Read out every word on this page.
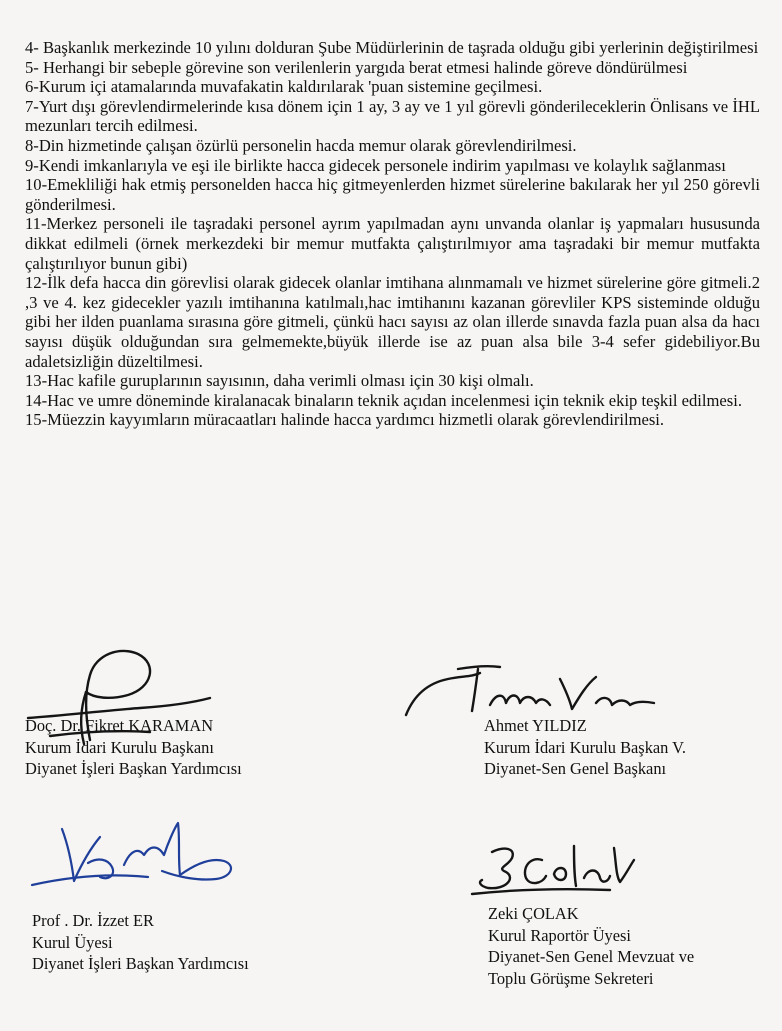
4- Başkanlık merkezinde 10 yılını dolduran Şube Müdürlerinin de taşrada olduğu gibi yerlerinin değiştirilmesi

5- Herhangi bir sebeple görevine son verilenlerin yargıda berat etmesi halinde göreve döndürülmesi

6-Kurum içi atamalarında muvafakatin kaldırılarak 'puan sistemine geçilmesi.

7-Yurt dışı görevlendirmelerinde kısa dönem için 1 ay, 3 ay ve 1 yıl görevli gönderileceklerin Önlisans ve İHL mezunları tercih edilmesi.

8-Din hizmetinde çalışan özürlü personelin hacda memur olarak görevlendirilmesi.

9-Kendi imkanlarıyla ve eşi ile birlikte hacca gidecek personele indirim yapılması ve kolaylık sağlanması

10-Emekliliği hak etmiş personelden hacca hiç gitmeyenlerden hizmet sürelerine bakılarak her yıl 250 görevli gönderilmesi.

11-Merkez personeli ile taşradaki personel ayrım yapılmadan aynı unvanda olanlar iş yapmaları hususunda dikkat edilmeli (örnek merkezdeki bir memur mutfakta çalıştırılmıyor ama taşradaki bir memur mutfakta çalıştırılıyor bunun gibi)

12-İlk defa hacca din görevlisi olarak gidecek olanlar imtihana alınmamalı ve hizmet sürelerine göre gitmeli.2 ,3 ve 4. kez gidecekler yazılı imtihanına katılmalı,hac imtihanını kazanan görevliler KPS sisteminde olduğu gibi her ilden puanlama sırasına göre gitmeli, çünkü hacı sayısı az olan illerde sınavda fazla puan alsa da hacı sayısı düşük olduğundan sıra gelmemekte,büyük illerde ise az puan alsa bile 3-4 sefer gidebiliyor.Bu adaletsizliğin düzeltilmesi.

13-Hac kafile guruplarının sayısının, daha verimli olması için 30 kişi olmalı.

14-Hac ve umre döneminde kiralanacak binaların teknik açıdan incelenmesi için teknik ekip teşkil edilmesi.

15-Müezzin kayyımların müracaatları halinde hacca yardımcı hizmetli olarak görevlendirilmesi.

Doç. Dr. Fikret KARAMAN
Kurum İdari Kurulu Başkanı
Diyanet İşleri Başkan Yardımcısı
Ahmet YILDIZ
Kurum İdari Kurulu Başkan V.
Diyanet-Sen Genel Başkanı
Prof . Dr. İzzet ER
Kurul Üyesi
Diyanet İşleri Başkan Yardımcısı
Zeki ÇOLAK
Kurul Raportör Üyesi
Diyanet-Sen Genel Mevzuat ve
Toplu Görüşme Sekreteri
